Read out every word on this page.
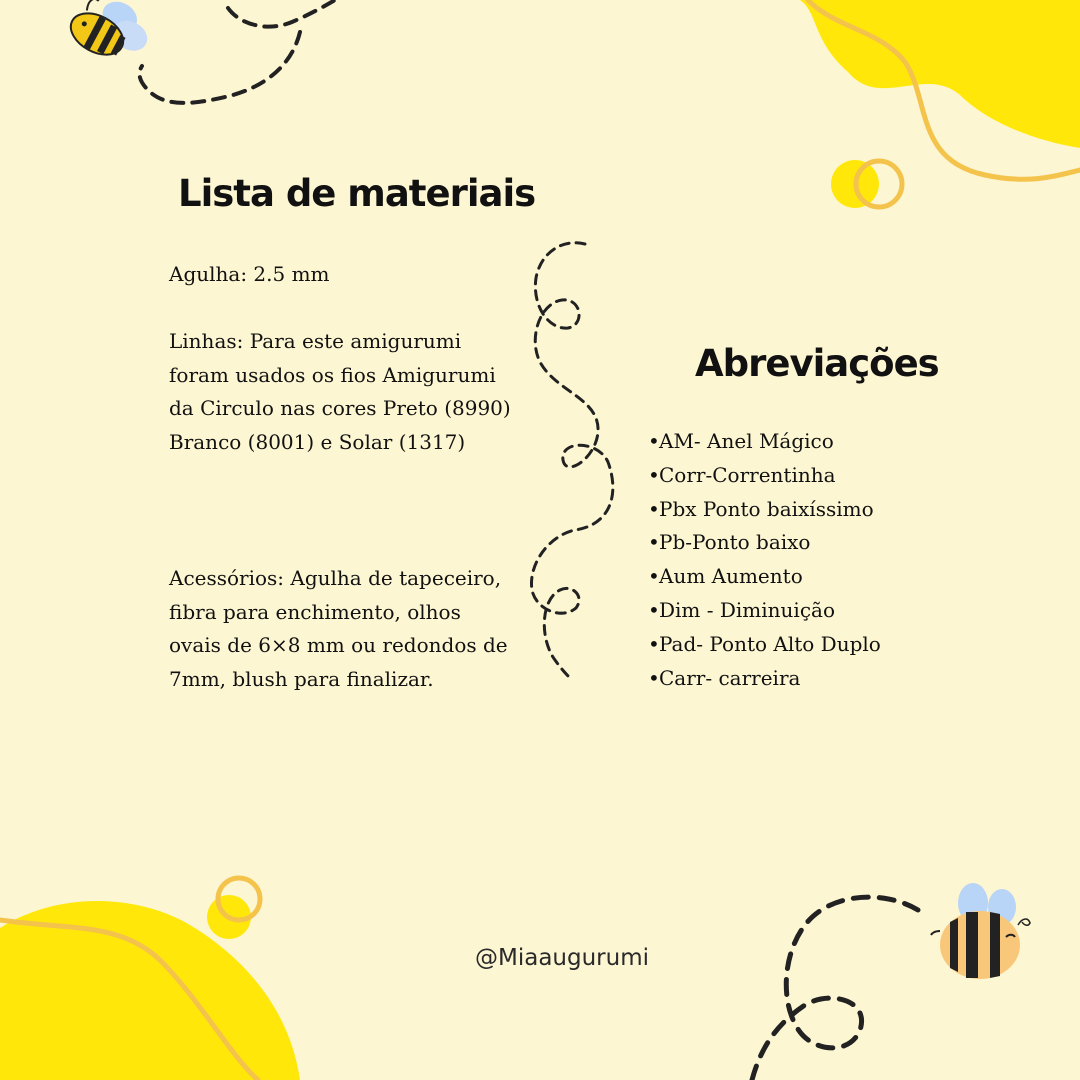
Lista de materiais

Agulha: 2.5 mm

Linhas: Para este amigurumi
foram usados os fios Amigurumi
da Circulo nas cores Preto (8990)
Branco (8001) e Solar (1317)

Acessórios: Agulha de tapeceiro,
fibra para enchimento, olhos
ovais de 6×8 mm ou redondos de
7mm, blush para finalizar.

Abreviações
•AM- Anel Mágico
•Corr-Correntinha
•Pbx Ponto baixíssimo
•Pb-Ponto baixo
•Aum Aumento
•Dim - Diminuição
•Pad- Ponto Alto Duplo
•Carr- carreira
@Miaaugurumi
